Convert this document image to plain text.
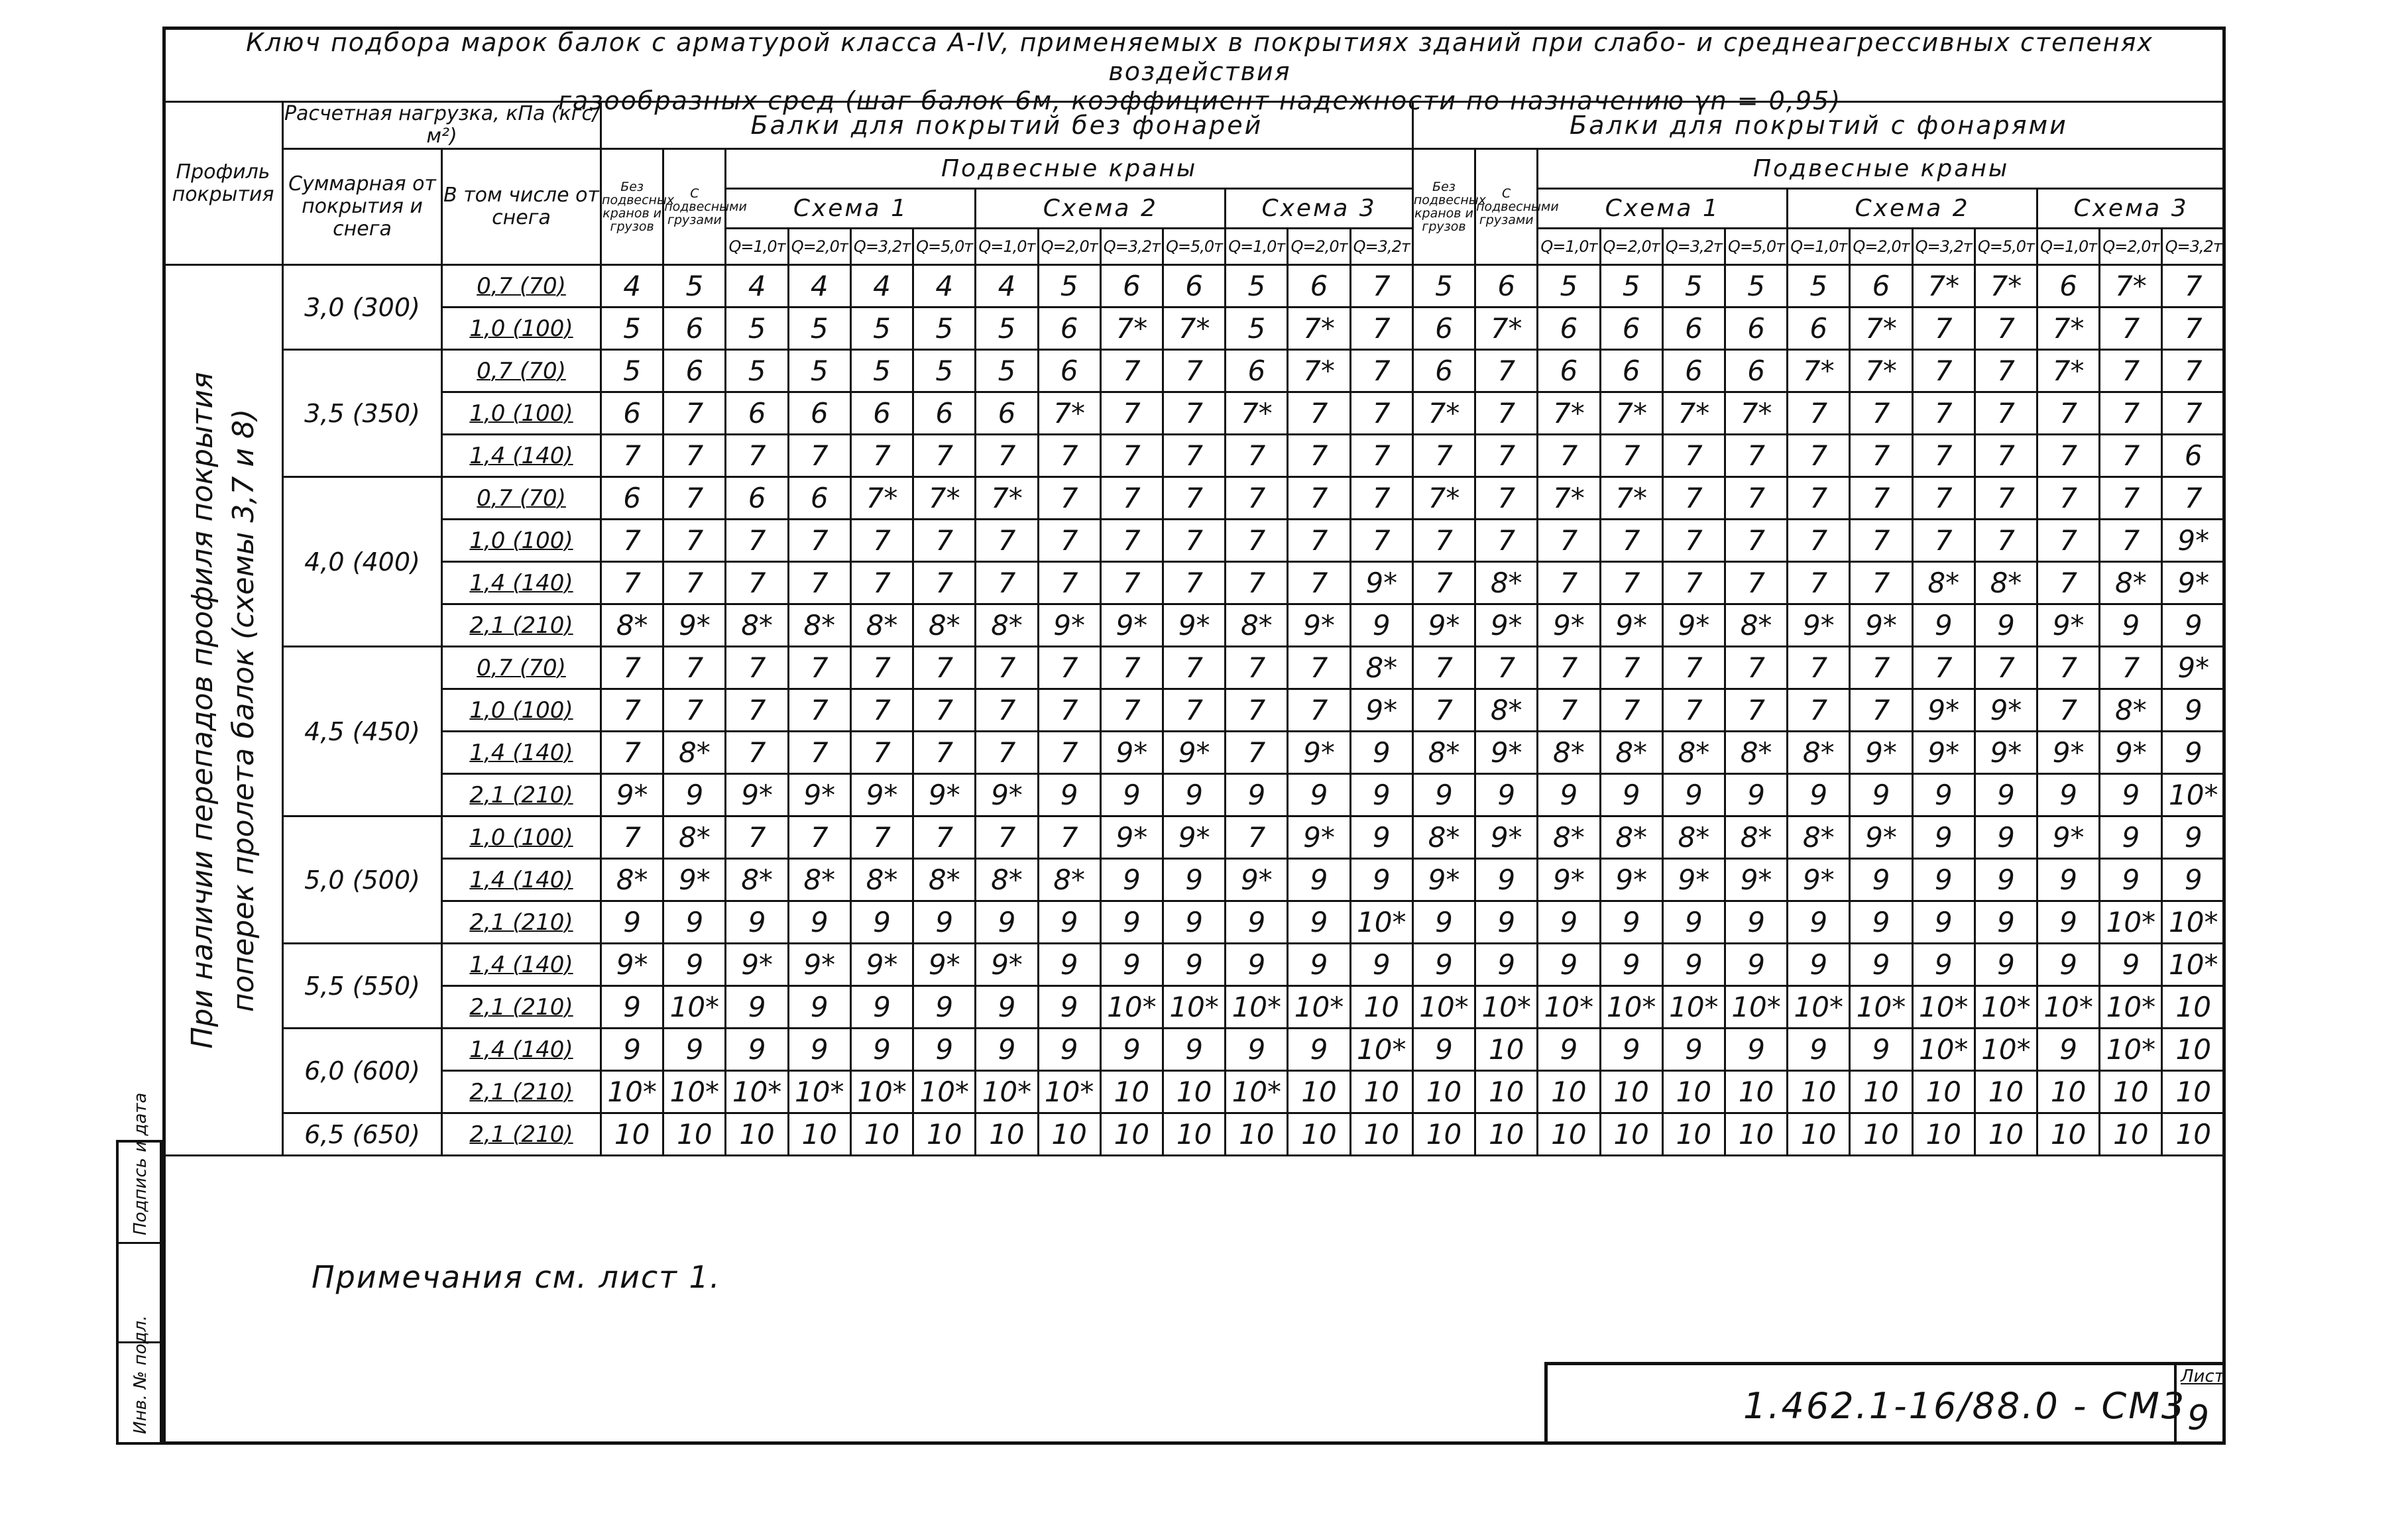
Ключ подбора марок балок с арматурой класса А-IV, применяемых в покрытиях зданий при слабо- и среднеагрессивных степенях воздействия
газообразных сред (шаг балок 6м, коэффициент надежности по назначению γn = 0,95)
Профиль покрытия	Расчетная нагрузка, кПа (кгс/м²)		Балки для покрытий без фонарей													Балки для покрытий с фонарями												
	Суммарная от покрытия и снега	В том числе от снега	Без подвесных кранов и грузов	С подвесными грузами	Подвесные краны											Без подвесных кранов и грузов	С подвесными грузами	Подвесные краны										
					Схема 1				Схема 2				Схема 3					Схема 1				Схема 2				Схема 3		
					Q=1,0т	Q=2,0т	Q=3,2т	Q=5,0т	Q=1,0т	Q=2,0т	Q=3,2т	Q=5,0т	Q=1,0т	Q=2,0т	Q=3,2т			Q=1,0т	Q=2,0т	Q=3,2т	Q=5,0т	Q=1,0т	Q=2,0т	Q=3,2т	Q=5,0т	Q=1,0т	Q=2,0т	Q=3,2т

При наличии перепадов профиля покрытия поперек пролета балок (схемы 3,7 и 8)	3,0 (300)	0,7 (70)	4	5	4	4	4	4	4	5	6	6	5	6	7	5	6	5	5	5	5	5	6	7*	7*	6	7*	7
		1,0 (100)	5	6	5	5	5	5	5	6	7*	7*	5	7*	7	6	7*	6	6	6	6	6	7*	7	7	7*	7	7
	3,5 (350)	0,7 (70)	5	6	5	5	5	5	5	6	7	7	6	7*	7	6	7	6	6	6	6	7*	7*	7	7	7*	7	7
		1,0 (100)	6	7	6	6	6	6	6	7*	7	7	7*	7	7	7*	7	7*	7*	7*	7*	7	7	7	7	7	7	7
		1,4 (140)	7	7	7	7	7	7	7	7	7	7	7	7	7	7	7	7	7	7	7	7	7	7	7	7	7	6
	4,0 (400)	0,7 (70)	6	7	6	6	7*	7*	7*	7	7	7	7	7	7	7*	7	7*	7*	7	7	7	7	7	7	7	7	7
		1,0 (100)	7	7	7	7	7	7	7	7	7	7	7	7	7	7	7	7	7	7	7	7	7	7	7	7	7	9*
		1,4 (140)	7	7	7	7	7	7	7	7	7	7	7	7	9*	7	8*	7	7	7	7	7	7	8*	8*	7	8*	9*
		2,1 (210)	8*	9*	8*	8*	8*	8*	8*	9*	9*	9*	8*	9*	9	9*	9*	9*	9*	9*	8*	9*	9*	9	9	9*	9	9
	4,5 (450)	0,7 (70)	7	7	7	7	7	7	7	7	7	7	7	7	8*	7	7	7	7	7	7	7	7	7	7	7	7	9*
		1,0 (100)	7	7	7	7	7	7	7	7	7	7	7	7	9*	7	8*	7	7	7	7	7	7	9*	9*	7	8*	9
		1,4 (140)	7	8*	7	7	7	7	7	7	9*	9*	7	9*	9	8*	9*	8*	8*	8*	8*	8*	9*	9*	9*	9*	9*	9
		2,1 (210)	9*	9	9*	9*	9*	9*	9*	9	9	9	9	9	9	9	9	9	9	9	9	9	9	9	9	9	9	10*
	5,0 (500)	1,0 (100)	7	8*	7	7	7	7	7	7	9*	9*	7	9*	9	8*	9*	8*	8*	8*	8*	8*	9*	9	9	9*	9	9
		1,4 (140)	8*	9*	8*	8*	8*	8*	8*	8*	9	9	9*	9	9	9*	9	9*	9*	9*	9*	9*	9	9	9	9	9	9
		2,1 (210)	9	9	9	9	9	9	9	9	9	9	9	9	10*	9	9	9	9	9	9	9	9	9	9	9	10*	10*
	5,5 (550)	1,4 (140)	9*	9	9*	9*	9*	9*	9*	9	9	9	9	9	9	9	9	9	9	9	9	9	9	9	9	9	9	10*
		2,1 (210)	9	10*	9	9	9	9	9	9	10*	10*	10*	10*	10	10*	10*	10*	10*	10*	10*	10*	10*	10*	10*	10*	10*	10
	6,0 (600)	1,4 (140)	9	9	9	9	9	9	9	9	9	9	9	9	10*	9	10	9	9	9	9	9	9	10*	10*	9	10*	10
		2,1 (210)	10*	10*	10*	10*	10*	10*	10*	10*	10	10	10*	10	10	10	10	10	10	10	10	10	10	10	10	10	10	10
	6,5 (650)	2,1 (210)	10	10	10	10	10	10	10	10	10	10	10	10	10	10	10	10	10	10	10	10	10	10	10	10	10	10
Примечания см. лист 1.
1.462.1-16/88.0 - СМ3
Лист
9
Подпись и дата
Инв. № подл.
